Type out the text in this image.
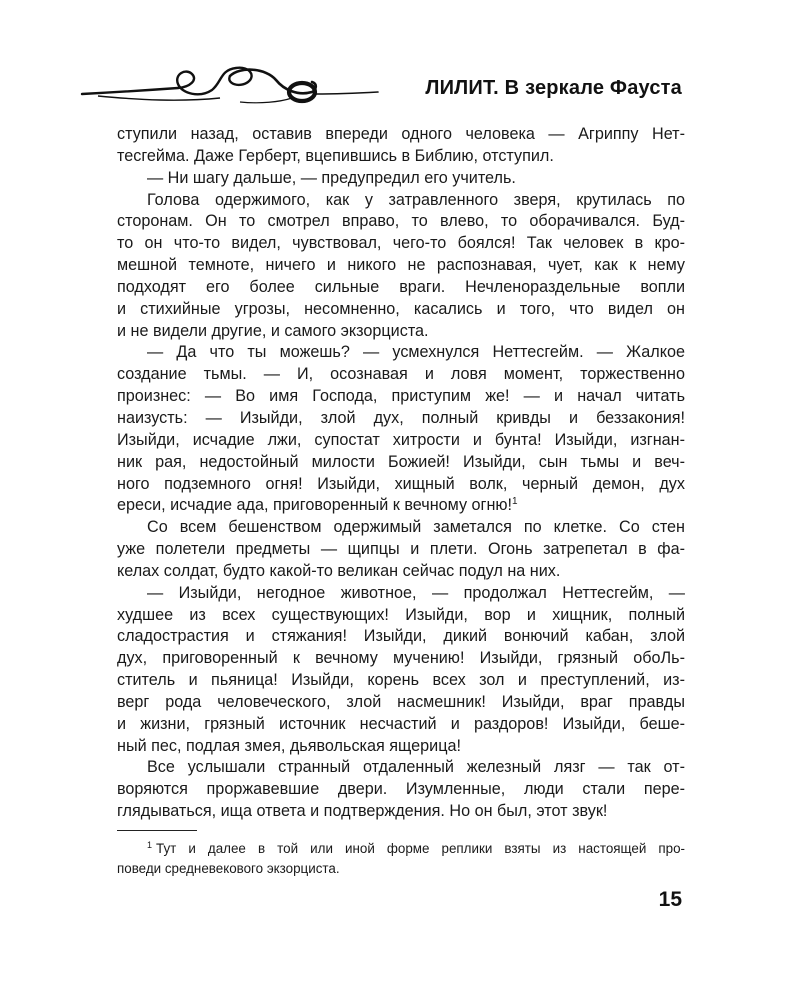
ЛИЛИТ. В зеркале Фауста
ступили назад, оставив впереди одного человека — Агриппу Нет-
тесгейма. Даже Герберт, вцепившись в Библию, отступил.
— Ни шагу дальше, — предупредил его учитель.
Голова одержимого, как у затравленного зверя, крутилась по
сторонам. Он то смотрел вправо, то влево, то оборачивался. Буд-
то он что-то видел, чувствовал, чего-то боялся! Так человек в кро-
мешной темноте, ничего и никого не распознавая, чует, как к нему
подходят его более сильные враги. Нечленораздельные вопли
и стихийные угрозы, несомненно, касались и того, что видел он
и не видели другие, и самого экзорциста.
— Да что ты можешь? — усмехнулся Неттесгейм. — Жалкое
создание тьмы. — И, осознавая и ловя момент, торжественно
произнес: — Во имя Господа, приступим же! — и начал читать
наизусть: — Изыйди, злой дух, полный кривды и беззакония!
Изыйди, исчадие лжи, супостат хитрости и бунта! Изыйди, изгнан-
ник рая, недостойный милости Божией! Изыйди, сын тьмы и веч-
ного подземного огня! Изыйди, хищный волк, черный демон, дух
ереси, исчадие ада, приговоренный к вечному огню!$^1$
Со всем бешенством одержимый заметался по клетке. Со стен
уже полетели предметы — щипцы и плети. Огонь затрепетал в фа-
келах солдат, будто какой-то великан сейчас подул на них.
— Изыйди, негодное животное, — продолжал Неттесгейм, —
худшее из всех существующих! Изыйди, вор и хищник, полный
сладострастия и стяжания! Изыйди, дикий вонючий кабан, злой
дух, приговоренный к вечному мучению! Изыйди, грязный обоЛь-
ститель и пьяница! Изыйди, корень всех зол и преступлений, из-
верг рода человеческого, злой насмешник! Изыйди, враг правды
и жизни, грязный источник несчастий и раздоров! Изыйди, беше-
ный пес, подлая змея, дьявольская ящерица!
Все услышали странный отдаленный железный лязг — так от-
воряются проржавевшие двери. Изумленные, люди стали пере-
глядываться, ища ответа и подтверждения. Но он был, этот звук!
$^1$ Тут и далее в той или иной форме реплики взяты из настоящей про-
поведи средневекового экзорциста.
15
